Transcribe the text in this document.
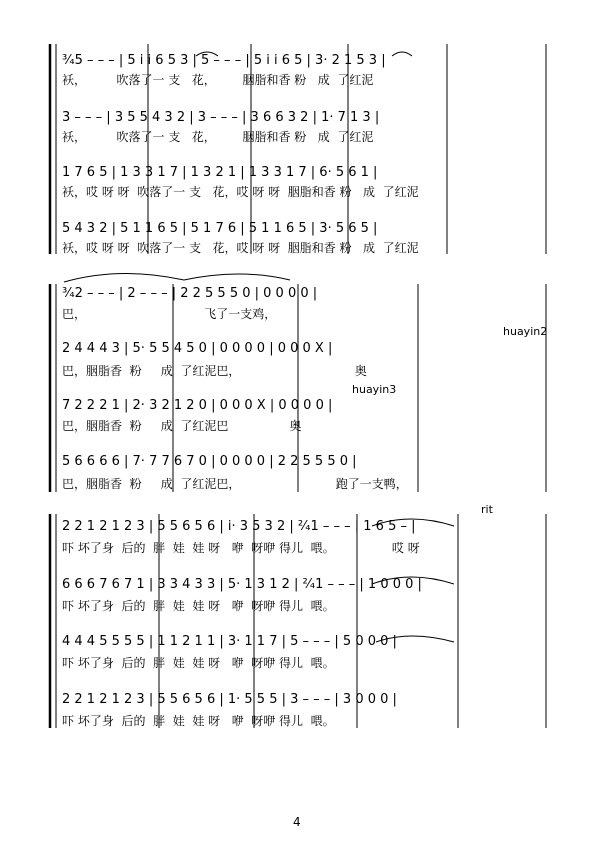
³⁄₄5 – – – | 5 i i 6 5 3 | 5 – – – | 5 i i 6 5 | 3· 2 1 5 3 |
袄，        吹落了一 支   花，       胭脂和香 粉   成  了红泥
3 – – – | 3 5 5 4 3 2 | 3 – – – | 3 6 6 3 2 | 1· 7 1 3 |
袄，        吹落了一 支   花，       胭脂和香 粉   成  了红泥
1 7 6 5 | 1 3 3 1 7 | 1 3 2 1 | 1 3 3 1 7 | 6· 5 6 1 |
袄，哎 呀 呀  吹落了一 支   花，哎 呀 呀  胭脂和香 粉   成  了红泥
5 4 3 2 | 5 1 1 6 5 | 5 1 7 6 | 5 1 1 6 5 | 3· 5 6 5 |
袄，哎 呀 呀  吹落了一 支   花，哎 呀 呀  胭脂和香 粉   成  了红泥
³⁄₄2 – – – | 2 – – – | 2 2 5 5 5 0 | 0 0 0 0 |
巴，                               飞了一支鸡，
huayin2
2 4 4 4 3 | 5· 5 5 4 5 0 | 0 0 0 0 | 0 0 0 X |
巴，胭脂香  粉     成  了红泥巴，                              奥
huayin3
7 2 2 2 1 | 2· 3 2 1 2 0 | 0 0 0 X | 0 0 0 0 |
巴，胭脂香  粉     成  了红泥巴                奥
5 6 6 6 6 | 7· 7 7 6 7 0 | 0 0 0 0 | 2 2 5 5 5 0 |
巴，胭脂香  粉     成  了红泥巴，                         跑了一支鸭，
rit
2 2 1 2 1 2 3 | 5 5 6 5 6 | i· 3 5 3 2 | ²⁄₄1 – – – | 1 6 5 – |
吓 坏了身  后的  胖  娃  娃 呀   咿  呀咿 得儿  喂。               哎 呀
6 6 6 7 6 7 1 | 3 3 4 3 3 | 5· 1 3 1 2 | ²⁄₄1 – – – | 1 0 0 0 |
吓 坏了身  后的  胖  娃  娃 呀   咿  呀咿 得儿  喂。
4 4 4 5 5 5 5 | 1 1 2 1 1 | 3· 1 1 7 | 5 – – – | 5 0 0 0 |
吓 坏了身  后的  胖  娃  娃 呀   咿  呀咿 得儿  喂。
2 2 1 2 1 2 3 | 5 5 6 5 6 | 1· 5 5 5 | 3 – – – | 3 0 0 0 |
吓 坏了身  后的  胖  娃  娃 呀   咿  呀咿 得儿  喂。
4
